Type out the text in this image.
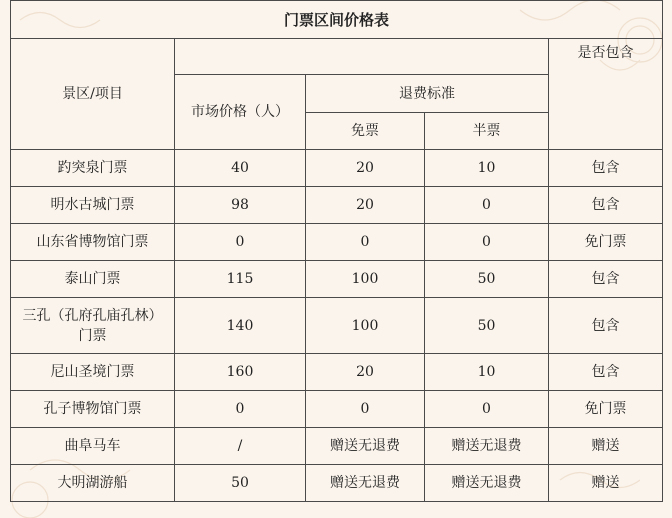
门票区间价格表				
景区/项目				是否包含
	市场价格（人）	退费标准		
		免票	半票	
趵突泉门票	40	20	10	包含
明水古城门票	98	20	0	包含
山东省博物馆门票	0	0	0	免门票
泰山门票	115	100	50	包含

三孔（孔府孔庙孔林）
门票	140	100	50	包含
尼山圣境门票	160	20	10	包含
孔子博物馆门票	0	0	0	免门票
曲阜马车	/	赠送无退费	赠送无退费	赠送
大明湖游船	50	赠送无退费	赠送无退费	赠送
